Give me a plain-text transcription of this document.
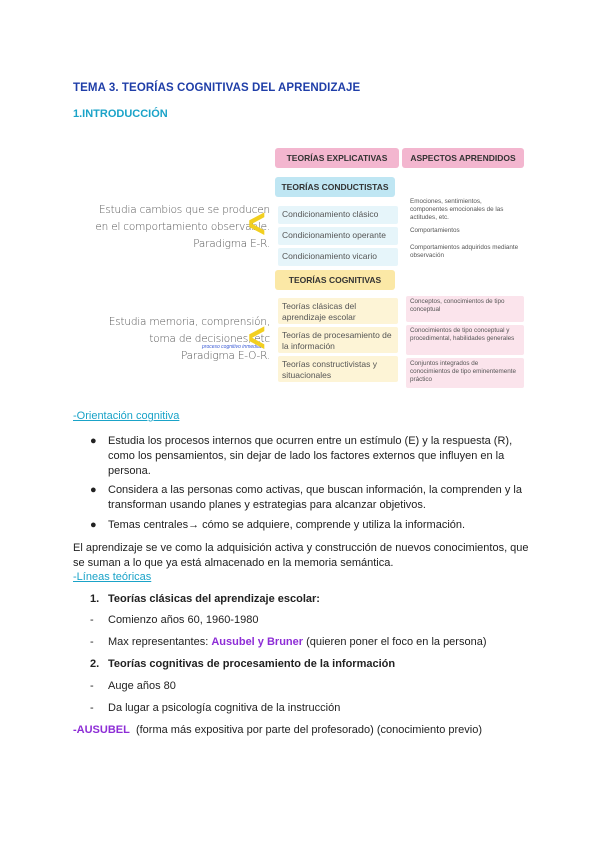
TEMA 3. TEORÍAS COGNITIVAS DEL APRENDIZAJE
1.INTRODUCCIÓN
TEORÍAS EXPLICATIVAS	ASPECTOS APRENDIDOS
TEORÍAS CONDUCTISTAS
Estudia cambios que se producen
en el comportamiento observable.
Paradigma E-R.
<	Condicionamiento clásico
Condicionamiento operante
Condicionamiento vicario
Emociones, sentimientos, componentes emocionales de las actitudes, etc.
Comportamientos
Comportamientos adquiridos mediante observación
TEORÍAS COGNITIVAS
Estudia memoria, comprensión,
toma de decisiones, etc
Paradigma E-O-R.
proceso cognitivo inmediato
<
Teorías clásicas del aprendizaje escolar
Teorías de procesamiento de la información
Teorías constructivistas y situacionales
Conceptos, conocimientos de tipo conceptual
Conocimientos de tipo conceptual y procedimental, habilidades generales
Conjuntos integrados de conocimientos de tipo eminentemente práctico
-Orientación cognitiva
● Estudia los procesos internos que ocurren entre un estímulo (E) y la respuesta (R), como los pensamientos, sin dejar de lado los factores externos que influyen en la persona.
● Considera a las personas como activas, que buscan información, la comprenden y la transforman usando planes y estrategias para alcanzar objetivos.
● Temas centrales→ cómo se adquiere, comprende y utiliza la información.
El aprendizaje se ve como la adquisición activa y construcción de nuevos conocimientos, que se suman a lo que ya está almacenado en la memoria semántica.
-Líneas teóricas
1. Teorías clásicas del aprendizaje escolar:
- Comienzo años 60, 1960-1980
- Max representantes: Ausubel y Bruner (quieren poner el foco en la persona)
2. Teorías cognitivas de procesamiento de la información
- Auge años 80
- Da lugar a psicología cognitiva de la instrucción
-AUSUBEL  (forma más expositiva por parte del profesorado) (conocimiento previo)
